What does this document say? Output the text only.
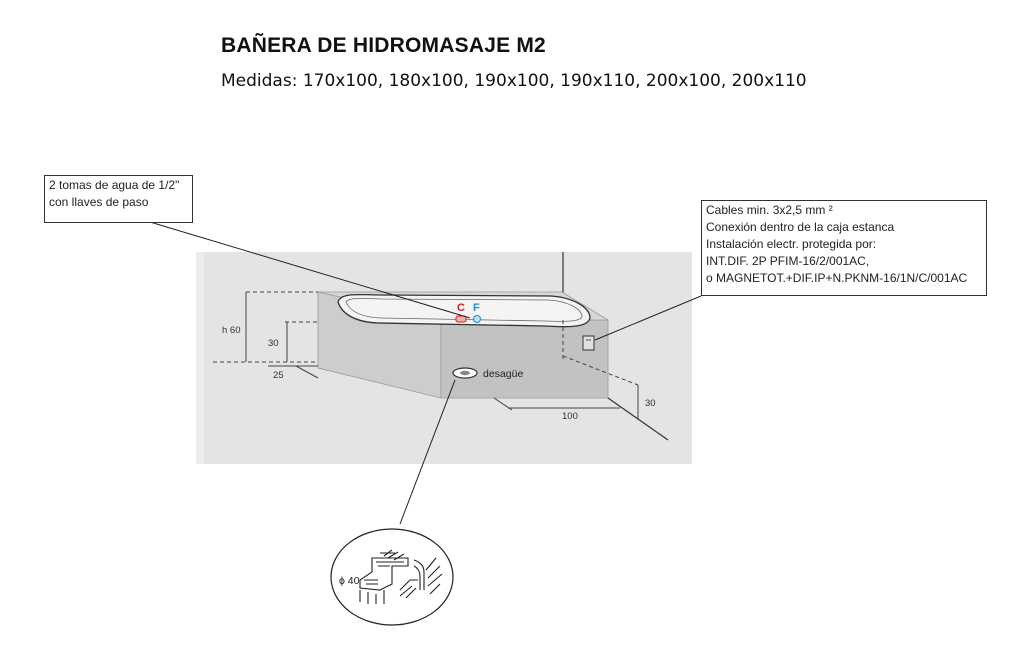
BAÑERA DE HIDROMASAJE M2
Medidas: 170x100, 180x100, 190x100, 190x110, 200x100, 200x110
C F
h 60
30
25
100
30
desagüe
ϕ 40
2 tomas de agua de 1/2"
con llaves de paso
Cables min. 3x2,5 mm ²
Conexión dentro de la caja estanca
Instalación electr. protegida por:
INT.DIF. 2P PFIM-16/2/001AC,
o MAGNETOT.+DIF.IP+N.PKNM-16/1N/C/001AC
